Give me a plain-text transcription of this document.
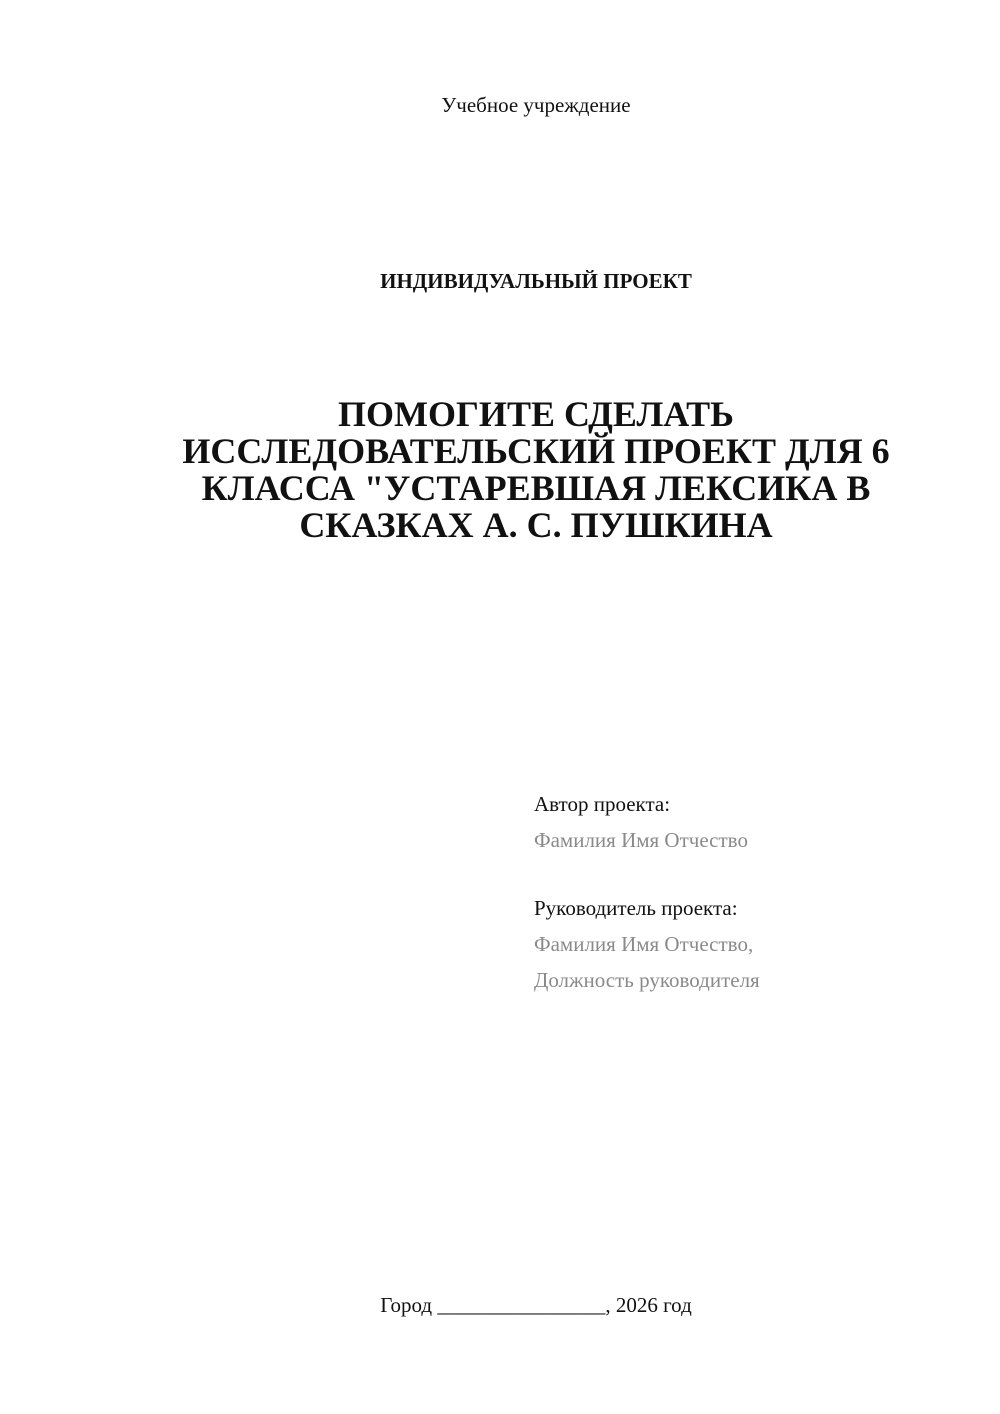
Учебное учреждение
ИНДИВИДУАЛЬНЫЙ ПРОЕКТ
ПОМОГИТЕ СДЕЛАТЬ
ИССЛЕДОВАТЕЛЬСКИЙ ПРОЕКТ ДЛЯ 6
КЛАССА "УСТАРЕВШАЯ ЛЕКСИКА В
СКАЗКАХ А. С. ПУШКИНА
Автор проекта:
Фамилия Имя Отчество
Руководитель проекта:
Фамилия Имя Отчество,
Должность руководителя
Город ________________, 2026 год
